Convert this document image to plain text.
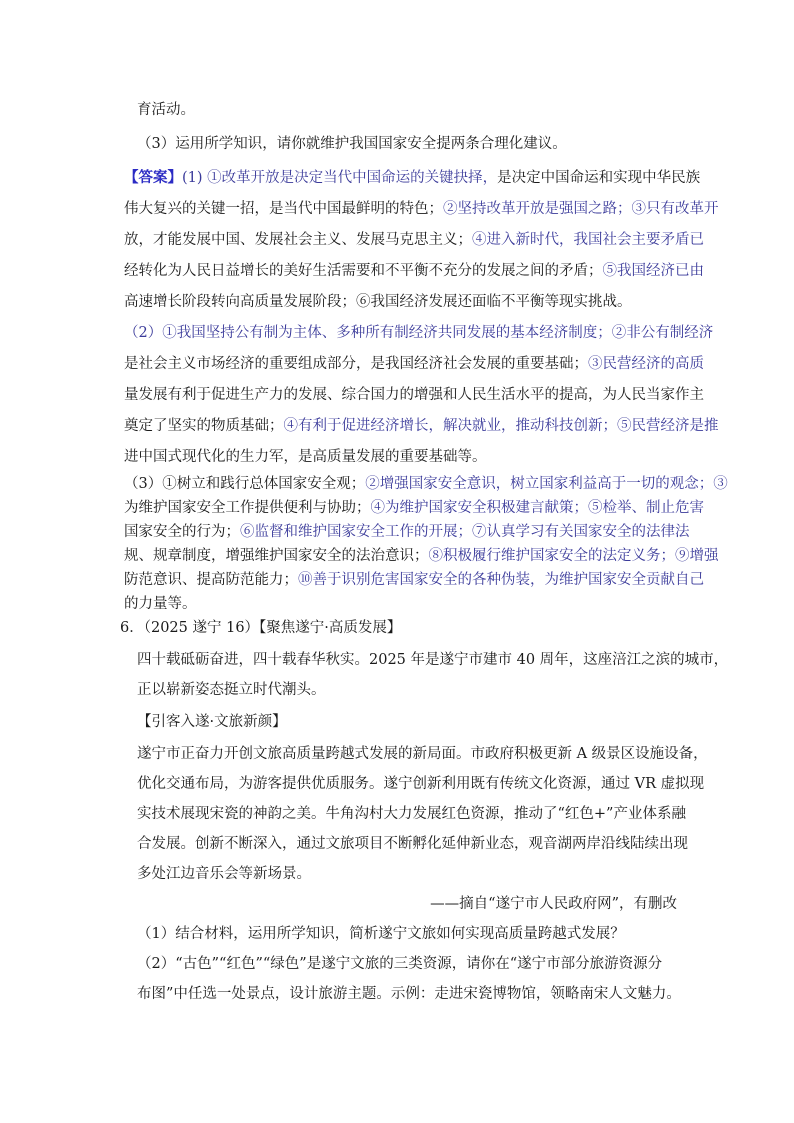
育活动。
（3）运用所学知识，请你就维护我国国家安全提两条合理化建议。
【答案】(1) ①改革开放是决定当代中国命运的关键抉择，是决定中国命运和实现中华民族
伟大复兴的关键一招，是当代中国最鲜明的特色；②坚持改革开放是强国之路；③只有改革开
放，才能发展中国、发展社会主义、发展马克思主义；④进入新时代，我国社会主要矛盾已
经转化为人民日益增长的美好生活需要和不平衡不充分的发展之间的矛盾；⑤我国经济已由
高速增长阶段转向高质量发展阶段；⑥我国经济发展还面临不平衡等现实挑战。
（2）①我国坚持公有制为主体、多种所有制经济共同发展的基本经济制度；②非公有制经济
是社会主义市场经济的重要组成部分，是我国经济社会发展的重要基础；③民营经济的高质
量发展有利于促进生产力的发展、综合国力的增强和人民生活水平的提高，为人民当家作主
奠定了坚实的物质基础；④有利于促进经济增长，解决就业，推动科技创新；⑤民营经济是推
进中国式现代化的生力军，是高质量发展的重要基础等。
（3）①树立和践行总体国家安全观；②增强国家安全意识，树立国家利益高于一切的观念；③
为维护国家安全工作提供便利与协助；④为维护国家安全积极建言献策；⑤检举、制止危害
国家安全的行为；⑥监督和维护国家安全工作的开展；⑦认真学习有关国家安全的法律法
规、规章制度，增强维护国家安全的法治意识；⑧积极履行维护国家安全的法定义务；⑨增强
防范意识、提高防范能力；⑩善于识别危害国家安全的各种伪装，为维护国家安全贡献自己
的力量等。
6．（2025 遂宁 16）【聚焦遂宁·高质发展】
四十载砥砺奋进，四十载春华秋实。2025 年是遂宁市建市 40 周年，这座涪江之滨的城市，
正以崭新姿态挺立时代潮头。
【引客入遂·文旅新颜】
遂宁市正奋力开创文旅高质量跨越式发展的新局面。市政府积极更新 A 级景区设施设备，
优化交通布局，为游客提供优质服务。遂宁创新利用既有传统文化资源，通过 VR 虚拟现
实技术展现宋瓷的神韵之美。牛角沟村大力发展红色资源，推动了“红色+”产业体系融
合发展。创新不断深入，通过文旅项目不断孵化延伸新业态，观音湖两岸沿线陆续出现
多处江边音乐会等新场景。
——摘自“遂宁市人民政府网”，有删改
（1）结合材料，运用所学知识，简析遂宁文旅如何实现高质量跨越式发展？
（2）“古色”“红色”“绿色”是遂宁文旅的三类资源，请你在“遂宁市部分旅游资源分
布图”中任选一处景点，设计旅游主题。示例：走进宋瓷博物馆，领略南宋人文魅力。
